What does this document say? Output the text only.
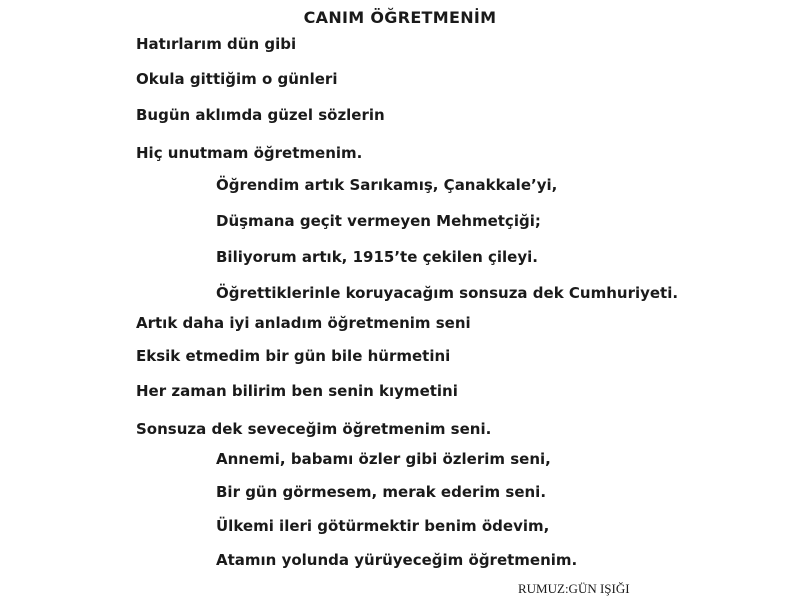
CANIM ÖĞRETMENİM

Hatırlarım dün gibi

Okula gittiğim o günleri

Bugün aklımda güzel sözlerin

Hiç unutmam öğretmenim.

Öğrendim artık Sarıkamış, Çanakkale’yi,

Düşmana geçit vermeyen Mehmetçiği;

Biliyorum artık, 1915’te çekilen çileyi.

Öğrettiklerinle koruyacağım sonsuza dek Cumhuriyeti.

Artık daha iyi anladım öğretmenim seni

Eksik etmedim bir gün bile hürmetini

Her zaman bilirim ben senin kıymetini

Sonsuza dek seveceğim öğretmenim seni.

Annemi, babamı özler gibi özlerim seni,

Bir gün görmesem, merak ederim seni.

Ülkemi ileri götürmektir benim ödevim,

Atamın yolunda yürüyeceğim öğretmenim.

RUMUZ:GÜN IŞIĞI
